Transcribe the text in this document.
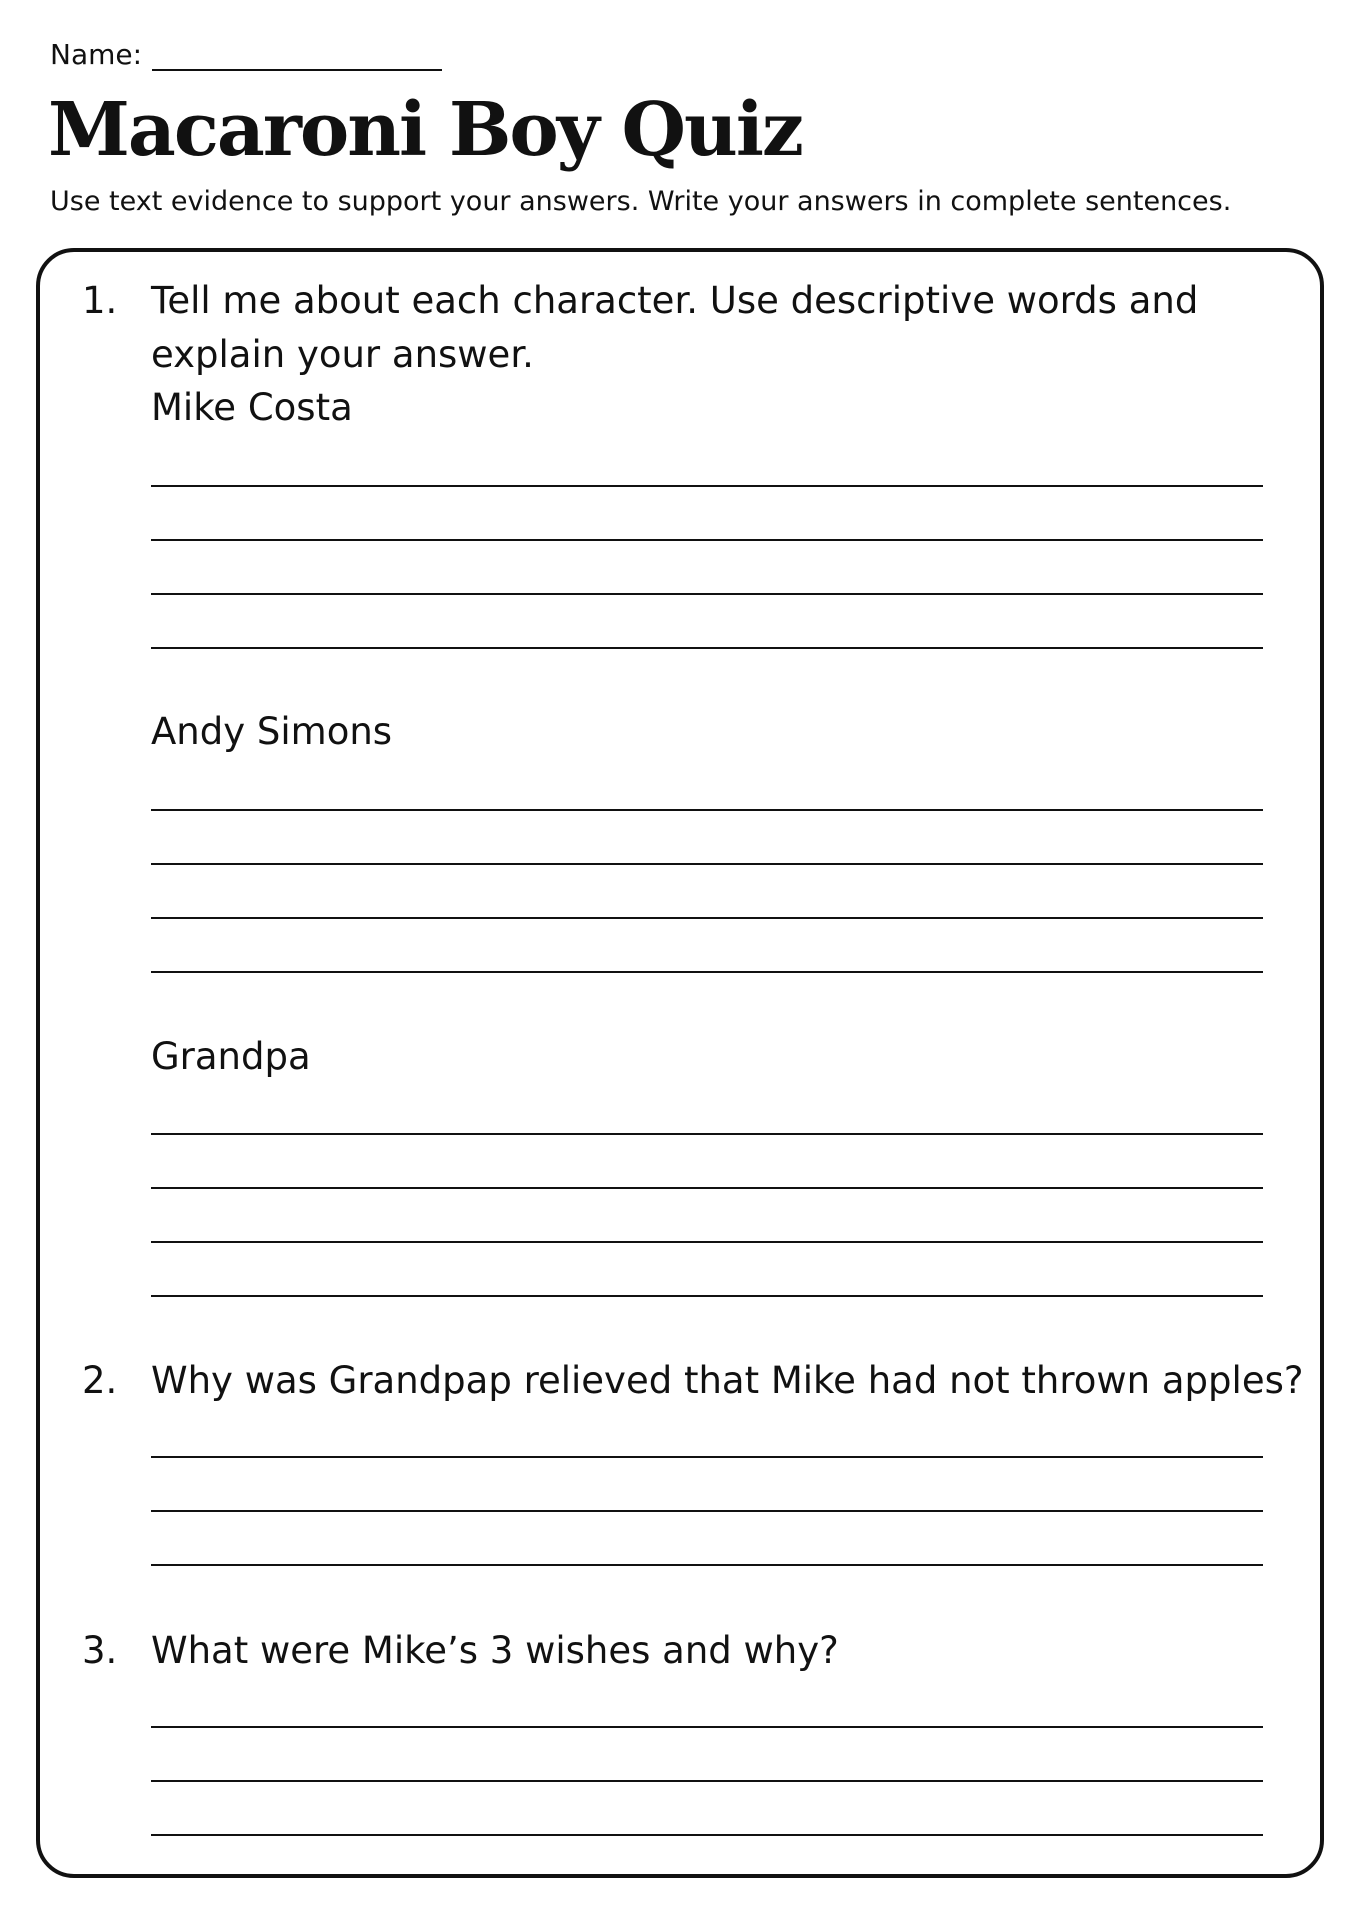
Name:
Macaroni Boy Quiz
Use text evidence to support your answers. Write your answers in complete sentences.
1. Tell me about each character. Use descriptive words and
explain your answer.
Mike Costa
Andy Simons
Grandpa
2. Why was Grandpap relieved that Mike had not thrown apples?
3. What were Mike’s 3 wishes and why?
